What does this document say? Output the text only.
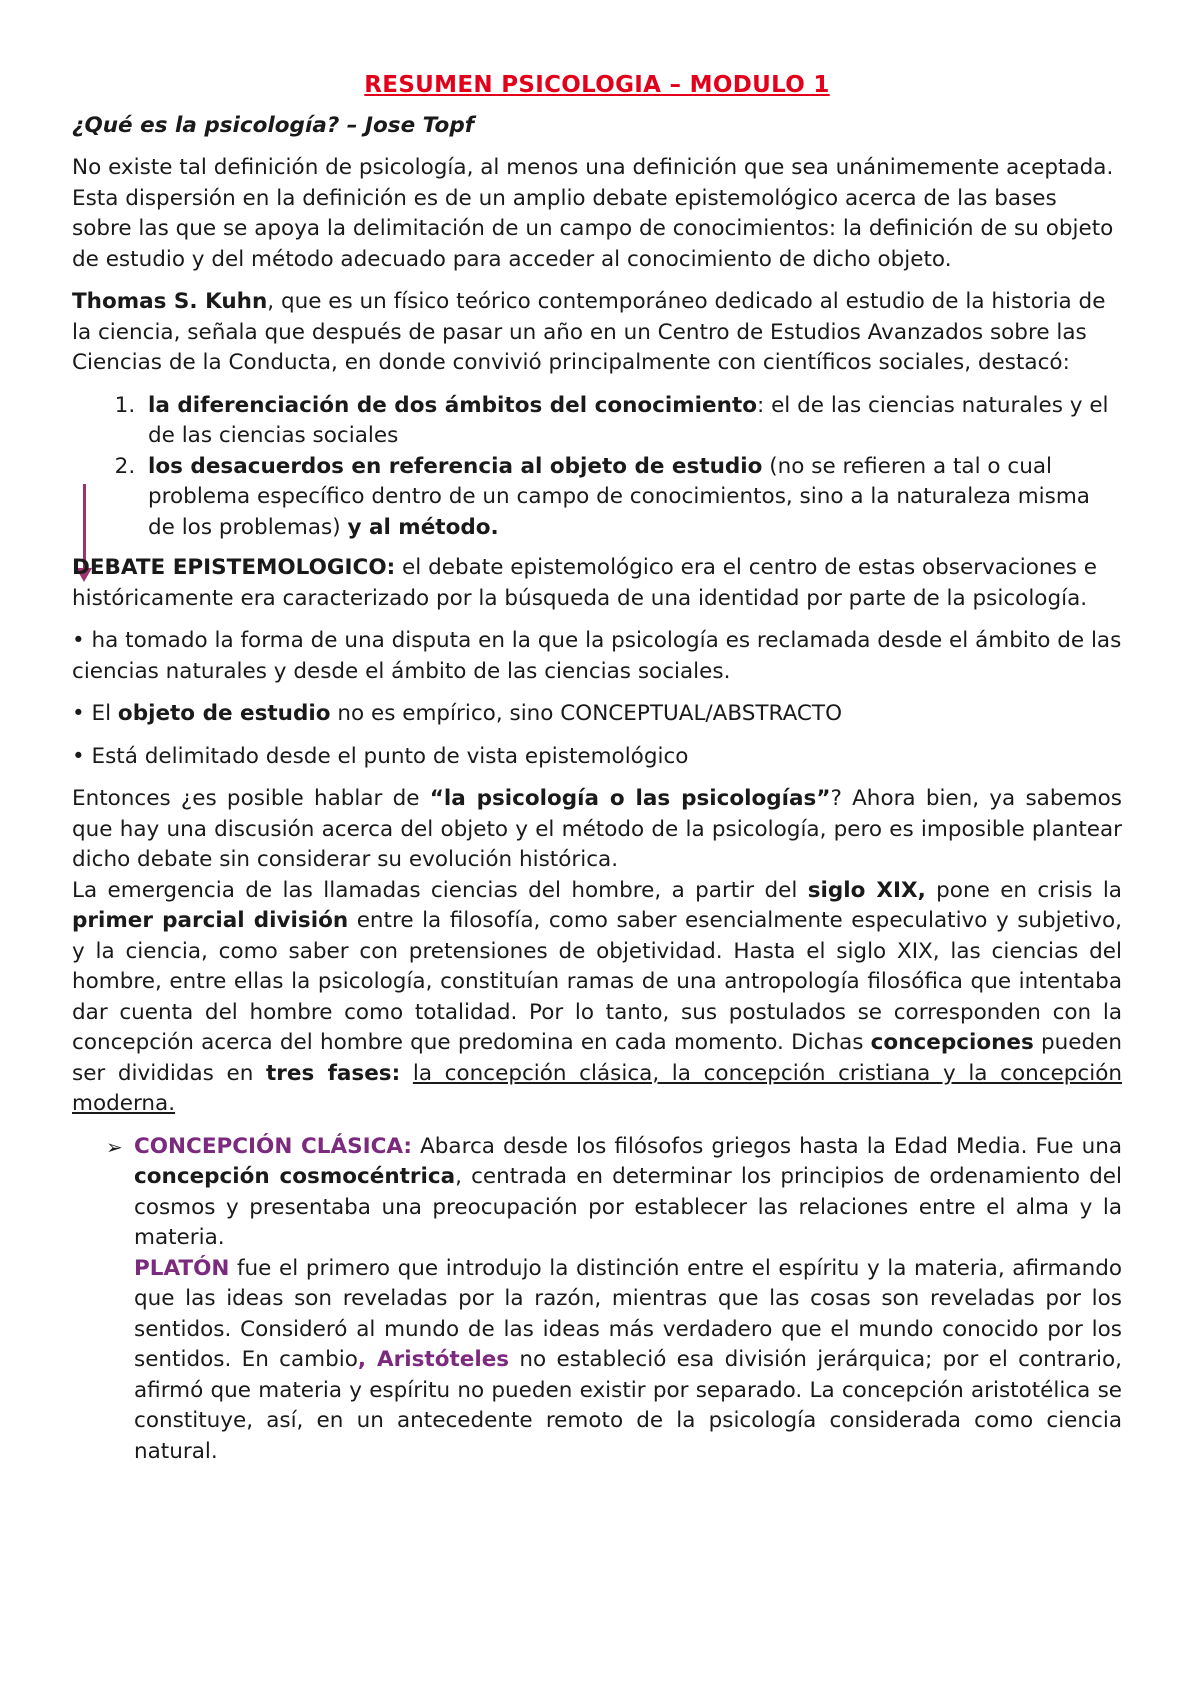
RESUMEN PSICOLOGIA – MODULO 1
¿Qué es la psicología? – Jose Topf

No existe tal definición de psicología, al menos una definición que sea unánimemente aceptada. Esta dispersión en la definición es de un amplio debate epistemológico acerca de las bases sobre las que se apoya la delimitación de un campo de conocimientos: la definición de su objeto de estudio y del método adecuado para acceder al conocimiento de dicho objeto.

Thomas S. Kuhn, que es un físico teórico contemporáneo dedicado al estudio de la historia de la ciencia, señala que después de pasar un año en un Centro de Estudios Avanzados sobre las Ciencias de la Conducta, en donde convivió principalmente con científicos sociales, destacó:

1. la diferenciación de dos ámbitos del conocimiento: el de las ciencias naturales y el de las ciencias sociales
2. los desacuerdos en referencia al objeto de estudio (no se refieren a tal o cual problema específico dentro de un campo de conocimientos, sino a la naturaleza misma de los problemas) y al método.

DEBATE EPISTEMOLOGICO: el debate epistemológico era el centro de estas observaciones e históricamente era caracterizado por la búsqueda de una identidad por parte de la psicología.

• ha tomado la forma de una disputa en la que la psicología es reclamada desde el ámbito de las ciencias naturales y desde el ámbito de las ciencias sociales.

• El objeto de estudio no es empírico, sino CONCEPTUAL/ABSTRACTO

• Está delimitado desde el punto de vista epistemológico

Entonces ¿es posible hablar de “la psicología o las psicologías”? Ahora bien, ya sabemos que hay una discusión acerca del objeto y el método de la psicología, pero es imposible plantear dicho debate sin considerar su evolución histórica.

La emergencia de las llamadas ciencias del hombre, a partir del siglo XIX, pone en crisis la primer parcial división entre la filosofía, como saber esencialmente especulativo y subjetivo, y la ciencia, como saber con pretensiones de objetividad. Hasta el siglo XIX, las ciencias del hombre, entre ellas la psicología, constituían ramas de una antropología filosófica que intentaba dar cuenta del hombre como totalidad. Por lo tanto, sus postulados se corresponden con la concepción acerca del hombre que predomina en cada momento. Dichas concepciones pueden ser divididas en tres fases: la concepción clásica, la concepción cristiana y la concepción moderna.

➢ CONCEPCIÓN CLÁSICA: Abarca desde los filósofos griegos hasta la Edad Media. Fue una concepción cosmocéntrica, centrada en determinar los principios de ordenamiento del cosmos y presentaba una preocupación por establecer las relaciones entre el alma y la materia.
PLATÓN fue el primero que introdujo la distinción entre el espíritu y la materia, afirmando que las ideas son reveladas por la razón, mientras que las cosas son reveladas por los sentidos. Consideró al mundo de las ideas más verdadero que el mundo conocido por los sentidos. En cambio, Aristóteles no estableció esa división jerárquica; por el contrario, afirmó que materia y espíritu no pueden existir por separado. La concepción aristotélica se constituye, así, en un antecedente remoto de la psicología considerada como ciencia natural.
